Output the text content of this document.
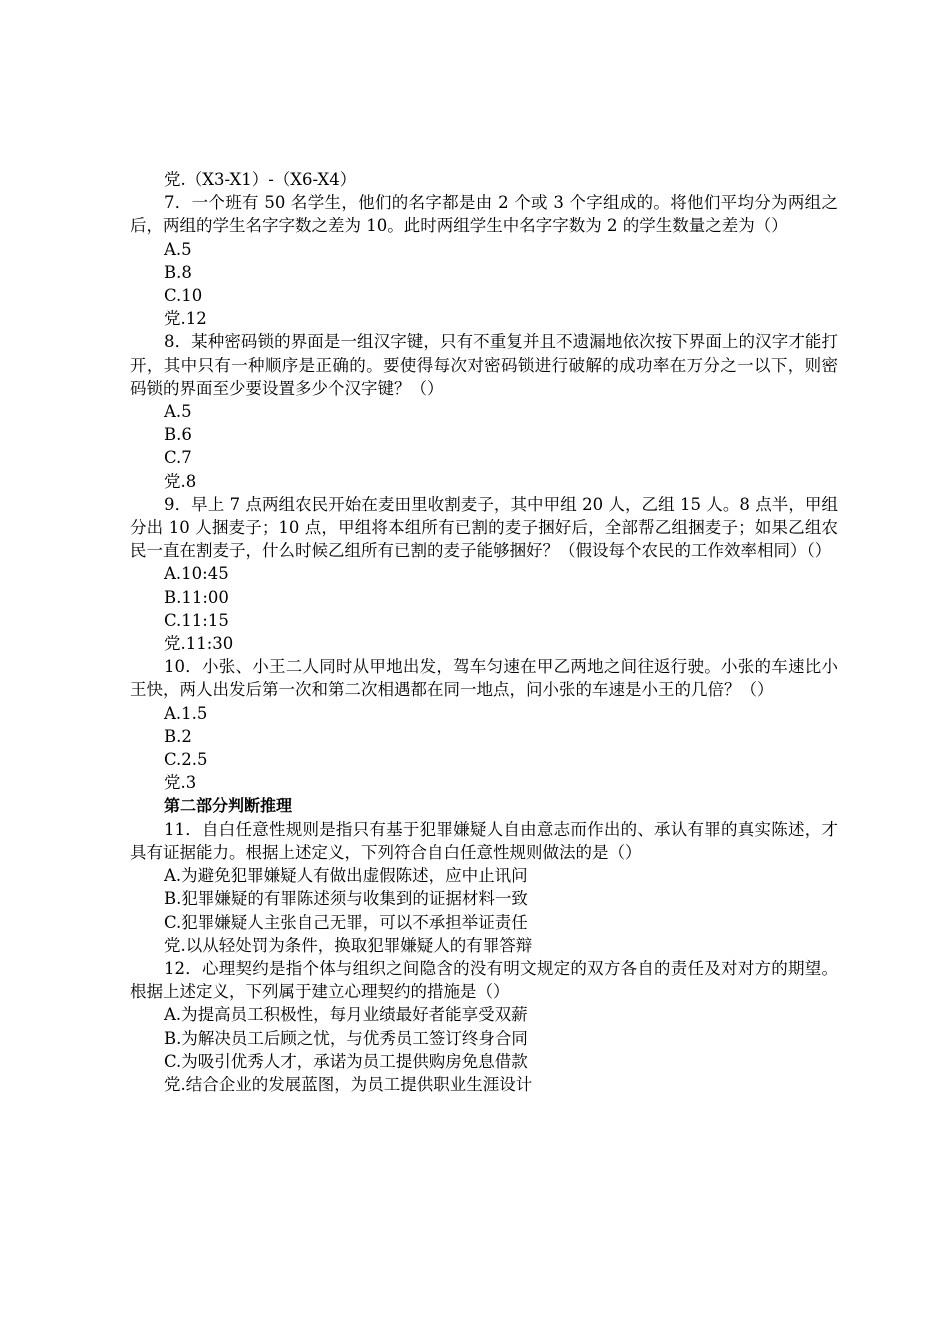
党.（X3-X1）-（X6-X4）
7．一个班有 50 名学生，他们的名字都是由 2 个或 3 个字组成的。将他们平均分为两组之后，两组的学生名字字数之差为 10。此时两组学生中名字字数为 2 的学生数量之差为（）
A.5
B.8
C.10
党.12
8．某种密码锁的界面是一组汉字键，只有不重复并且不遗漏地依次按下界面上的汉字才能打开，其中只有一种顺序是正确的。要使得每次对密码锁进行破解的成功率在万分之一以下，则密码锁的界面至少要设置多少个汉字键？（）
A.5
B.6
C.7
党.8
9．早上 7 点两组农民开始在麦田里收割麦子，其中甲组 20 人，乙组 15 人。8 点半，甲组分出 10 人捆麦子；10 点，甲组将本组所有已割的麦子捆好后，全部帮乙组捆麦子；如果乙组农民一直在割麦子，什么时候乙组所有已割的麦子能够捆好？（假设每个农民的工作效率相同）（）
A.10:45
B.11:00
C.11:15
党.11:30
10．小张、小王二人同时从甲地出发，驾车匀速在甲乙两地之间往返行驶。小张的车速比小王快，两人出发后第一次和第二次相遇都在同一地点，问小张的车速是小王的几倍？（）
A.1.5
B.2
C.2.5
党.3
第二部分判断推理
11．自白任意性规则是指只有基于犯罪嫌疑人自由意志而作出的、承认有罪的真实陈述，才具有证据能力。根据上述定义，下列符合自白任意性规则做法的是（）
A.为避免犯罪嫌疑人有做出虚假陈述，应中止讯问
B.犯罪嫌疑的有罪陈述须与收集到的证据材料一致
C.犯罪嫌疑人主张自己无罪，可以不承担举证责任
党.以从轻处罚为条件，换取犯罪嫌疑人的有罪答辩
12．心理契约是指个体与组织之间隐含的没有明文规定的双方各自的责任及对对方的期望。根据上述定义，下列属于建立心理契约的措施是（）
A.为提高员工积极性，每月业绩最好者能享受双薪
B.为解决员工后顾之忧，与优秀员工签订终身合同
C.为吸引优秀人才，承诺为员工提供购房免息借款
党.结合企业的发展蓝图，为员工提供职业生涯设计
